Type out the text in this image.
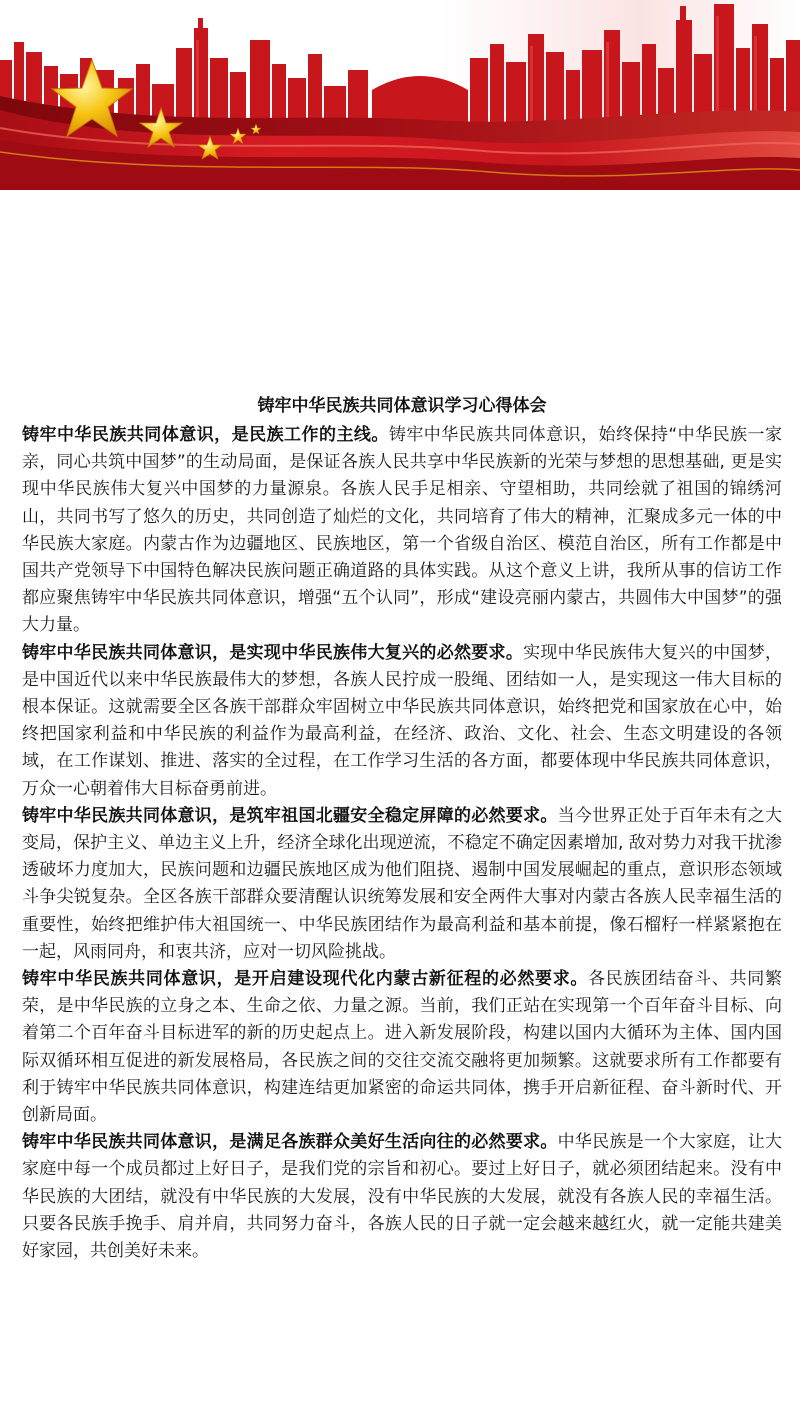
铸牢中华民族共同体意识学习心得体会

铸牢中华民族共同体意识，是民族工作的主线。铸牢中华民族共同体意识，始终保持“中华民族一家亲，同心共筑中国梦”的生动局面，是保证各族人民共享中华民族新的光荣与梦想的思想基础, 更是实现中华民族伟大复兴中国梦的力量源泉。各族人民手足相亲、守望相助，共同绘就了祖国的锦绣河山，共同书写了悠久的历史，共同创造了灿烂的文化，共同培育了伟大的精神，汇聚成多元一体的中华民族大家庭。内蒙古作为边疆地区、民族地区，第一个省级自治区、模范自治区，所有工作都是中国共产党领导下中国特色解决民族问题正确道路的具体实践。从这个意义上讲，我所从事的信访工作都应聚焦铸牢中华民族共同体意识，增强“五个认同”，形成“建设亮丽内蒙古，共圆伟大中国梦”的强大力量。

铸牢中华民族共同体意识，是实现中华民族伟大复兴的必然要求。实现中华民族伟大复兴的中国梦，是中国近代以来中华民族最伟大的梦想，各族人民拧成一股绳、团结如一人，是实现这一伟大目标的根本保证。这就需要全区各族干部群众牢固树立中华民族共同体意识，始终把党和国家放在心中，始终把国家利益和中华民族的利益作为最高利益，在经济、政治、文化、社会、生态文明建设的各领域，在工作谋划、推进、落实的全过程，在工作学习生活的各方面，都要体现中华民族共同体意识，万众一心朝着伟大目标奋勇前进。

铸牢中华民族共同体意识，是筑牢祖国北疆安全稳定屏障的必然要求。当今世界正处于百年未有之大变局，保护主义、单边主义上升，经济全球化出现逆流，不稳定不确定因素增加, 敌对势力对我干扰渗透破坏力度加大，民族问题和边疆民族地区成为他们阻挠、遏制中国发展崛起的重点，意识形态领域斗争尖锐复杂。全区各族干部群众要清醒认识统筹发展和安全两件大事对内蒙古各族人民幸福生活的重要性，始终把维护伟大祖国统一、中华民族团结作为最高利益和基本前提，像石榴籽一样紧紧抱在一起，风雨同舟，和衷共济，应对一切风险挑战。

铸牢中华民族共同体意识，是开启建设现代化内蒙古新征程的必然要求。各民族团结奋斗、共同繁荣，是中华民族的立身之本、生命之依、力量之源。当前，我们正站在实现第一个百年奋斗目标、向着第二个百年奋斗目标进军的新的历史起点上。进入新发展阶段，构建以国内大循环为主体、国内国际双循环相互促进的新发展格局，各民族之间的交往交流交融将更加频繁。这就要求所有工作都要有利于铸牢中华民族共同体意识，构建连结更加紧密的命运共同体，携手开启新征程、奋斗新时代、开创新局面。

铸牢中华民族共同体意识，是满足各族群众美好生活向往的必然要求。中华民族是一个大家庭，让大家庭中每一个成员都过上好日子，是我们党的宗旨和初心。要过上好日子，就必须团结起来。没有中华民族的大团结，就没有中华民族的大发展，没有中华民族的大发展，就没有各族人民的幸福生活。只要各民族手挽手、肩并肩，共同努力奋斗，各族人民的日子就一定会越来越红火，就一定能共建美好家园，共创美好未来。
